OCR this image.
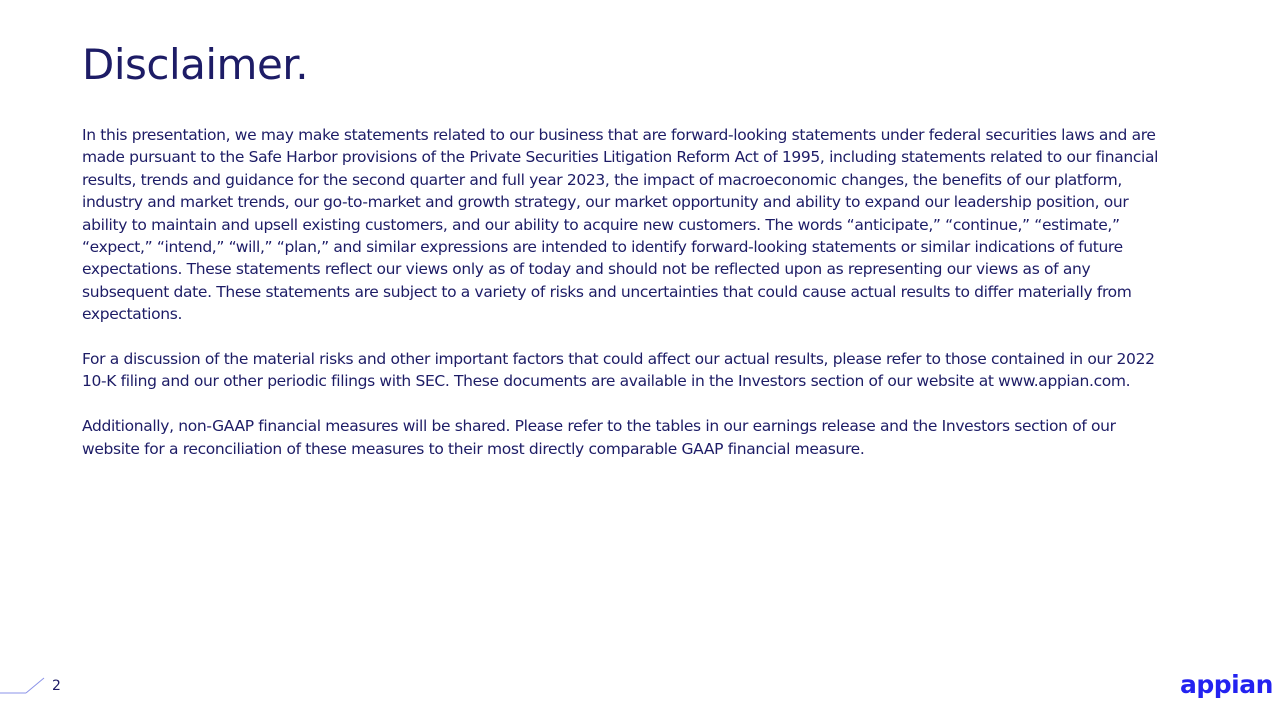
Disclaimer.

In this presentation, we may make statements related to our business that are forward-looking statements under federal securities laws and are made pursuant to the Safe Harbor provisions of the Private Securities Litigation Reform Act of 1995, including statements related to our financial results, trends and guidance for the second quarter and full year 2023, the impact of macroeconomic changes, the benefits of our platform, industry and market trends, our go-to-market and growth strategy, our market opportunity and ability to expand our leadership position, our ability to maintain and upsell existing customers, and our ability to acquire new customers. The words “anticipate,” “continue,” “estimate,” “expect,” “intend,” “will,” “plan,” and similar expressions are intended to identify forward-looking statements or similar indications of future expectations. These statements reflect our views only as of today and should not be reflected upon as representing our views as of any subsequent date. These statements are subject to a variety of risks and uncertainties that could cause actual results to differ materially from expectations.

For a discussion of the material risks and other important factors that could affect our actual results, please refer to those contained in our 2022 10-K filing and our other periodic filings with SEC. These documents are available in the Investors section of our website at www.appian.com.

Additionally, non-GAAP financial measures will be shared. Please refer to the tables in our earnings release and the Investors section of our website for a reconciliation of these measures to their most directly comparable GAAP financial measure.

2	appian
